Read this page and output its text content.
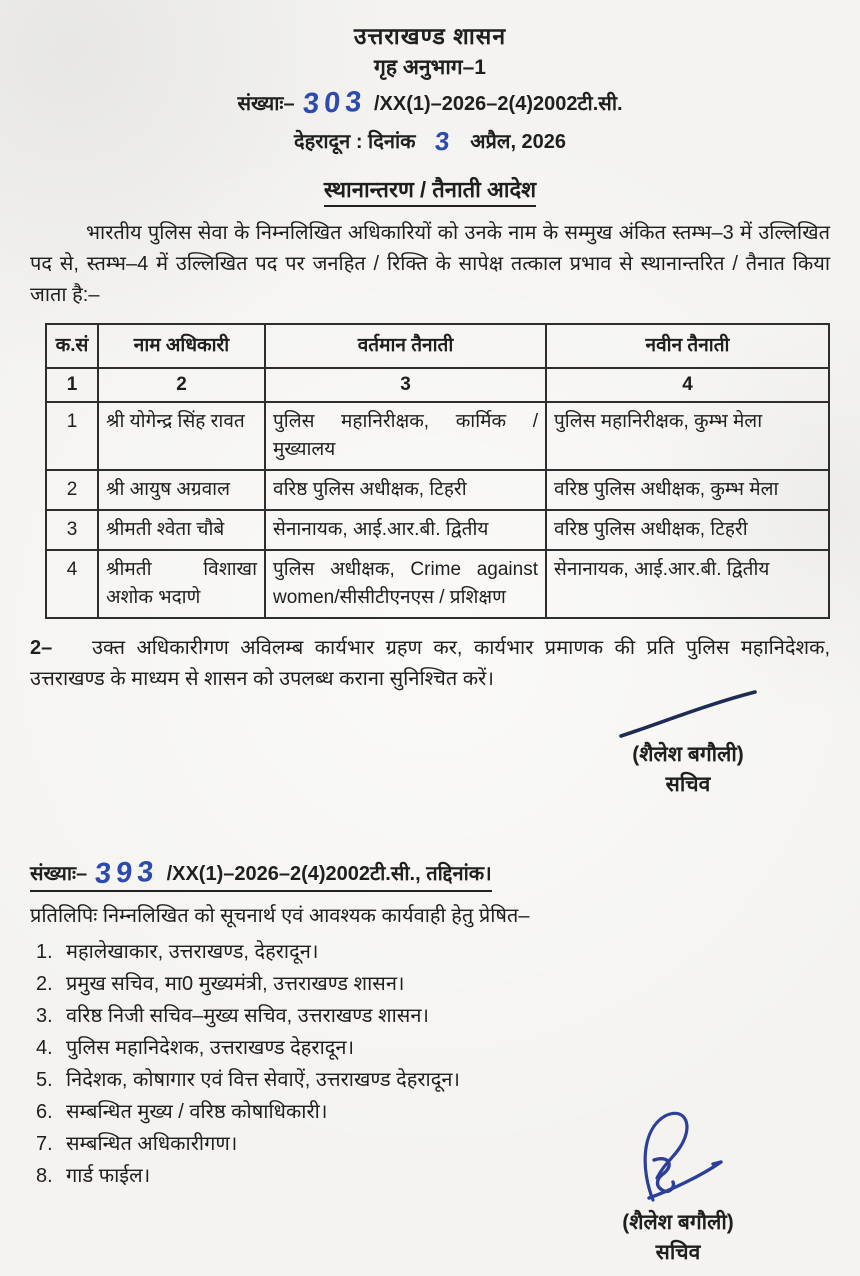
उत्तराखण्ड शासन
गृह अनुभाग–1
संख्याः– 303 /XX(1)–2026–2(4)2002टी.सी.
देहरादून : दिनांक 3 अप्रैल, 2026
स्थानान्तरण / तैनाती आदेश

भारतीय पुलिस सेवा के निम्नलिखित अधिकारियों को उनके नाम के सम्मुख अंकित स्तम्भ–3 में उल्लिखित पद से, स्तम्भ–4 में उल्लिखित पद पर जनहित / रिक्ति के सापेक्ष तत्काल प्रभाव से स्थानान्तरित / तैनात किया जाता है:–

क.सं	नाम अधिकारी	वर्तमान तैनाती	नवीन तैनाती
1	2	3	4
1	श्री योगेन्द्र सिंह रावत	पुलिस महानिरीक्षक, कार्मिक / मुख्यालय	पुलिस महानिरीक्षक, कुम्भ मेला
2	श्री आयुष अग्रवाल	वरिष्ठ पुलिस अधीक्षक, टिहरी	वरिष्ठ पुलिस अधीक्षक, कुम्भ मेला
3	श्रीमती श्वेता चौबे	सेनानायक, आई.आर.बी. द्वितीय	वरिष्ठ पुलिस अधीक्षक, टिहरी
4	श्रीमती विशाखा अशोक भदाणे	पुलिस अधीक्षक, Crime against women/सीसीटीएनएस / प्रशिक्षण	सेनानायक, आई.आर.बी. द्वितीय

2– उक्त अधिकारीगण अविलम्ब कार्यभार ग्रहण कर, कार्यभार प्रमाणक की प्रति पुलिस महानिदेशक, उत्तराखण्ड के माध्यम से शासन को उपलब्ध कराना सुनिश्चित करें।

(शैलेश बगौली)
सचिव
संख्याः– 393 /XX(1)–2026–2(4)2002टी.सी., तद्दिनांक।
प्रतिलिपिः निम्नलिखित को सूचनार्थ एवं आवश्यक कार्यवाही हेतु प्रेषित–
1. महालेखाकार, उत्तराखण्ड, देहरादून।
2. प्रमुख सचिव, मा0 मुख्यमंत्री, उत्तराखण्ड शासन।
3. वरिष्ठ निजी सचिव–मुख्य सचिव, उत्तराखण्ड शासन।
4. पुलिस महानिदेशक, उत्तराखण्ड देहरादून।
5. निदेशक, कोषागार एवं वित्त सेवाऐं, उत्तराखण्ड देहरादून।
6. सम्बन्धित मुख्य / वरिष्ठ कोषाधिकारी।
7. सम्बन्धित अधिकारीगण।
8. गार्ड फाईल।
(शैलेश बगौली)
सचिव
